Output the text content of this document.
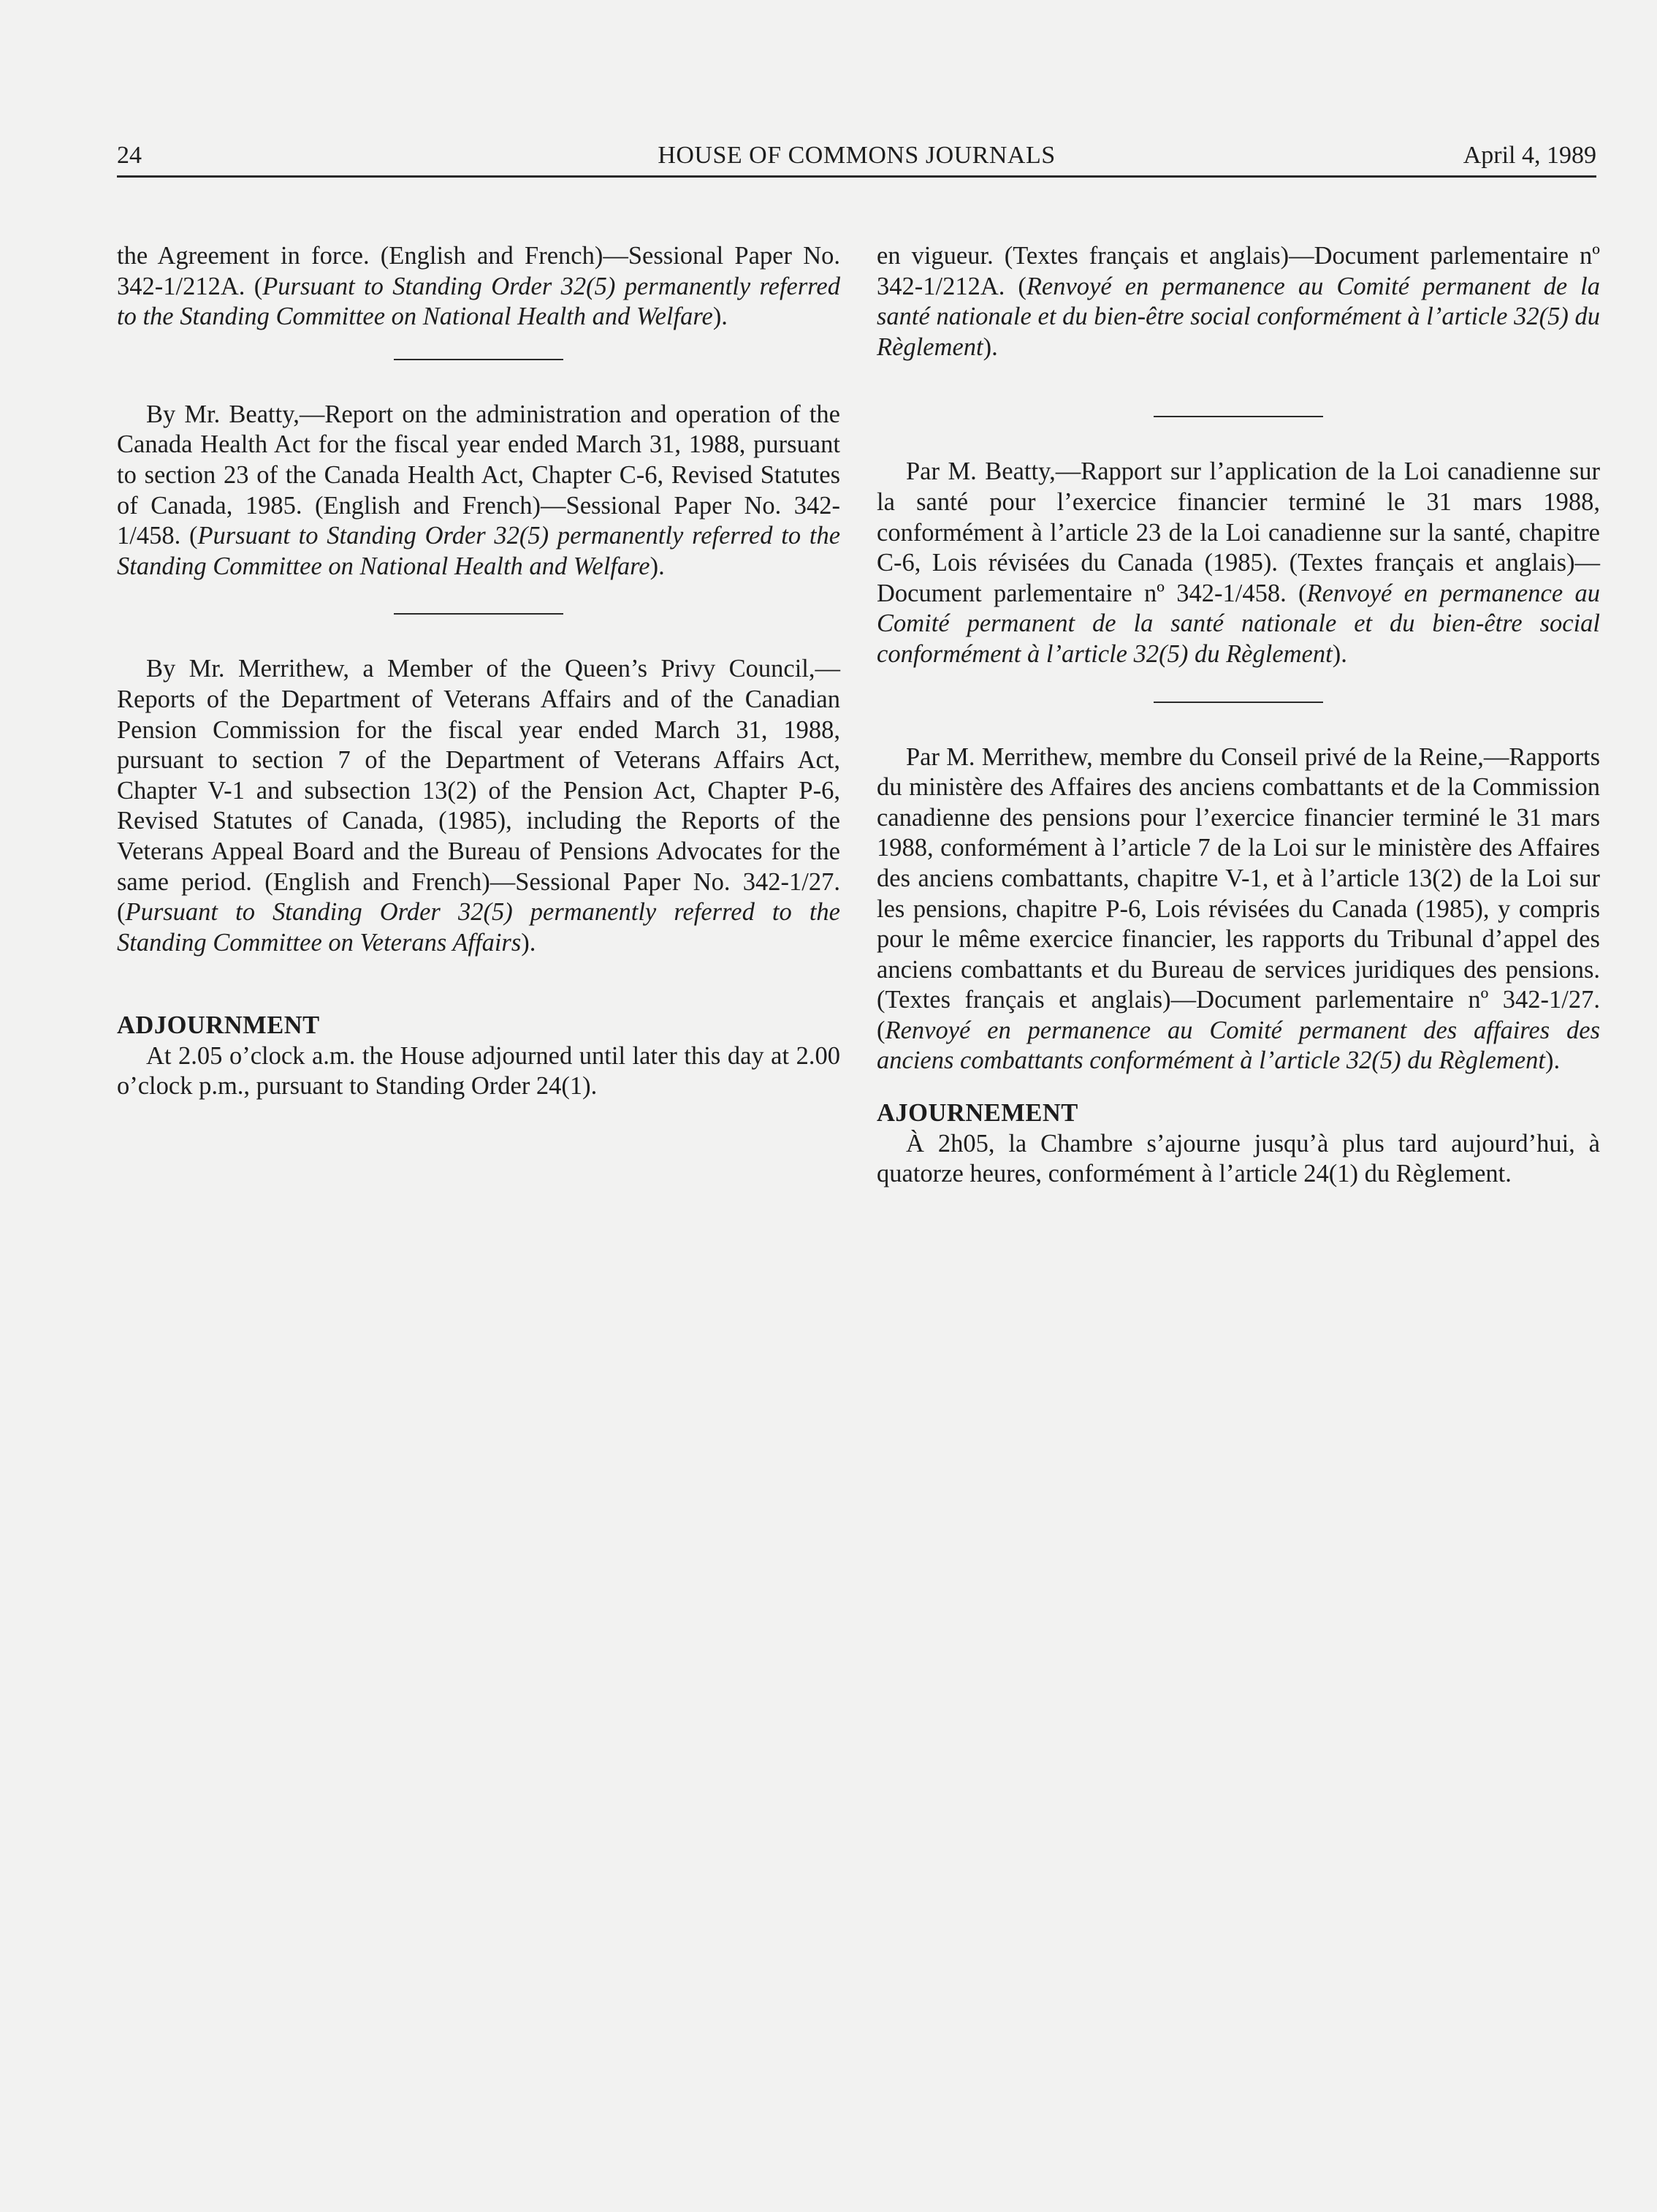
24	HOUSE OF COMMONS JOURNALS	April 4, 1989

the Agreement in force. (English and French)—Sessional Paper No. 342-1/212A. (Pursuant to Standing Order 32(5) permanently referred to the Standing Committee on National Health and Welfare).

By Mr. Beatty,—Report on the administration and operation of the Canada Health Act for the fiscal year ended March 31, 1988, pursuant to section 23 of the Canada Health Act, Chapter C-6, Revised Statutes of Canada, 1985. (English and French)—Sessional Paper No. 342-1/458. (Pursuant to Standing Order 32(5) permanently referred to the Standing Committee on National Health and Welfare).

By Mr. Merrithew, a Member of the Queen’s Privy Council,—Reports of the Department of Veterans Affairs and of the Canadian Pension Commission for the fiscal year ended March 31, 1988, pursuant to section 7 of the Department of Veterans Affairs Act, Chapter V-1 and subsection 13(2) of the Pension Act, Chapter P-6, Revised Statutes of Canada, (1985), including the Reports of the Veterans Appeal Board and the Bureau of Pensions Advocates for the same period. (English and French)—Sessional Paper No. 342-1/27. (Pursuant to Standing Order 32(5) permanently referred to the Standing Committee on Veterans Affairs).

ADJOURNMENT

At 2.05 o’clock a.m. the House adjourned until later this day at 2.00 o’clock p.m., pursuant to Standing Order 24(1).

en vigueur. (Textes français et anglais)—Document parlementaire nº 342-1/212A. (Renvoyé en permanence au Comité permanent de la santé nationale et du bien-être social conformément à l’article 32(5) du Règlement).

Par M. Beatty,—Rapport sur l’application de la Loi canadienne sur la santé pour l’exercice financier terminé le 31 mars 1988, conformément à l’article 23 de la Loi canadienne sur la santé, chapitre C-6, Lois révisées du Canada (1985). (Textes français et anglais)—Document parlementaire nº 342-1/458. (Renvoyé en permanence au Comité permanent de la santé nationale et du bien-être social conformément à l’article 32(5) du Règlement).

Par M. Merrithew, membre du Conseil privé de la Reine,—Rapports du ministère des Affaires des anciens combattants et de la Commission canadienne des pensions pour l’exercice financier terminé le 31 mars 1988, conformément à l’article 7 de la Loi sur le ministère des Affaires des anciens combattants, chapitre V-1, et à l’article 13(2) de la Loi sur les pensions, chapitre P-6, Lois révisées du Canada (1985), y compris pour le même exercice financier, les rapports du Tribunal d’appel des anciens combattants et du Bureau de services juridiques des pensions. (Textes français et anglais)—Document parlementaire nº 342-1/27. (Renvoyé en permanence au Comité permanent des affaires des anciens combattants conformément à l’article 32(5) du Règlement).

AJOURNEMENT

À 2h05, la Chambre s’ajourne jusqu’à plus tard aujourd’hui, à quatorze heures, conformément à l’article 24(1) du Règlement.
